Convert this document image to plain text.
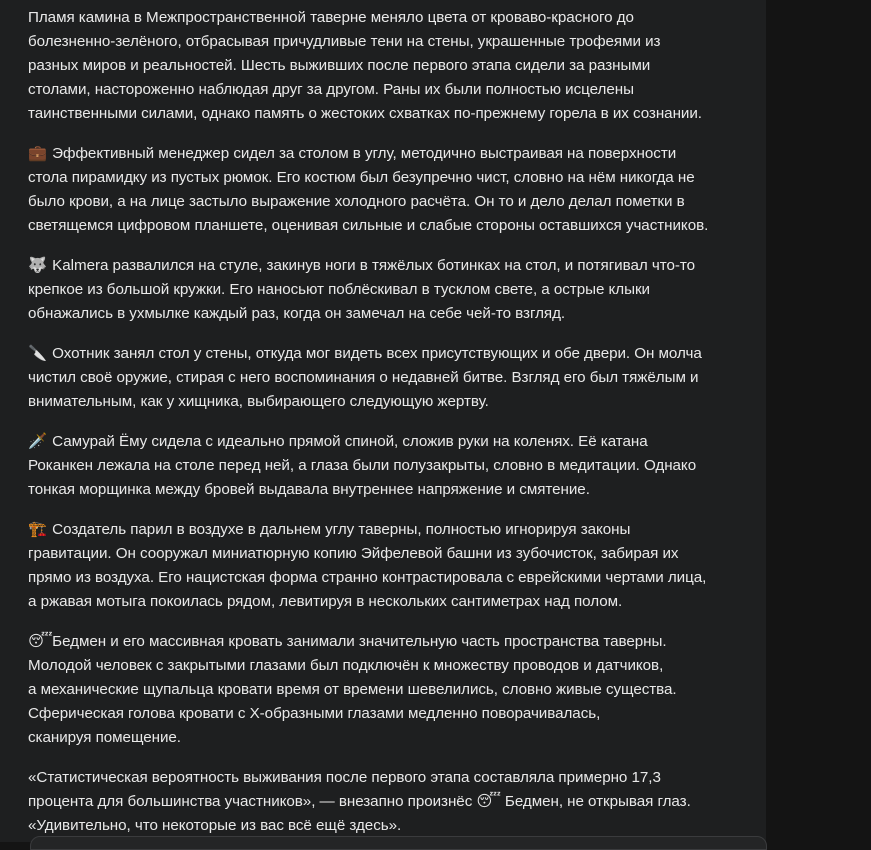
Пламя камина в Межпространственной таверне меняло цвета от кроваво-красного до
болезненно-зелёного, отбрасывая причудливые тени на стены, украшенные трофеями из
разных миров и реальностей. Шесть выживших после первого этапа сидели за разными
столами, настороженно наблюдая друг за другом. Раны их были полностью исцелены
таинственными силами, однако память о жестоких схватках по-прежнему горела в их сознании.

💼 Эффективный менеджер сидел за столом в углу, методично выстраивая на поверхности
стола пирамидку из пустых рюмок. Его костюм был безупречно чист, словно на нём никогда не
было крови, а на лице застыло выражение холодного расчёта. Он то и дело делал пометки в
светящемся цифровом планшете, оценивая сильные и слабые стороны оставшихся участников.

🐺 Kalmera развалился на стуле, закинув ноги в тяжёлых ботинках на стол, и потягивал что-то
крепкое из большой кружки. Его наносьют поблёскивал в тусклом свете, а острые клыки
обнажались в ухмылке каждый раз, когда он замечал на себе чей-то взгляд.

🔪 Охотник занял стол у стены, откуда мог видеть всех присутствующих и обе двери. Он молча
чистил своё оружие, стирая с него воспоминания о недавней битве. Взгляд его был тяжёлым и
внимательным, как у хищника, выбирающего следующую жертву.

🗡️ Самурай Ёму сидела с идеально прямой спиной, сложив руки на коленях. Её катана
Роканкен лежала на столе перед ней, а глаза были полузакрыты, словно в медитации. Однако
тонкая морщинка между бровей выдавала внутреннее напряжение и смятение.

🏗️ Создатель парил в воздухе в дальнем углу таверны, полностью игнорируя законы
гравитации. Он сооружал миниатюрную копию Эйфелевой башни из зубочисток, забирая их
прямо из воздуха. Его нацистская форма странно контрастировала с еврейскими чертами лица,
а ржавая мотыга покоилась рядом, левитируя в нескольких сантиметрах над полом.

😴 Бедмен и его массивная кровать занимали значительную часть пространства таверны.
Молодой человек с закрытыми глазами был подключён к множеству проводов и датчиков,
а механические щупальца кровати время от времени шевелились, словно живые существа.
Сферическая голова кровати с Х-образными глазами медленно поворачивалась,
сканируя помещение.

«Статистическая вероятность выживания после первого этапа составляла примерно 17,3
процента для большинства участников», — внезапно произнёс 😴 Бедмен, не открывая глаз.
«Удивительно, что некоторые из вас всё ещё здесь».
